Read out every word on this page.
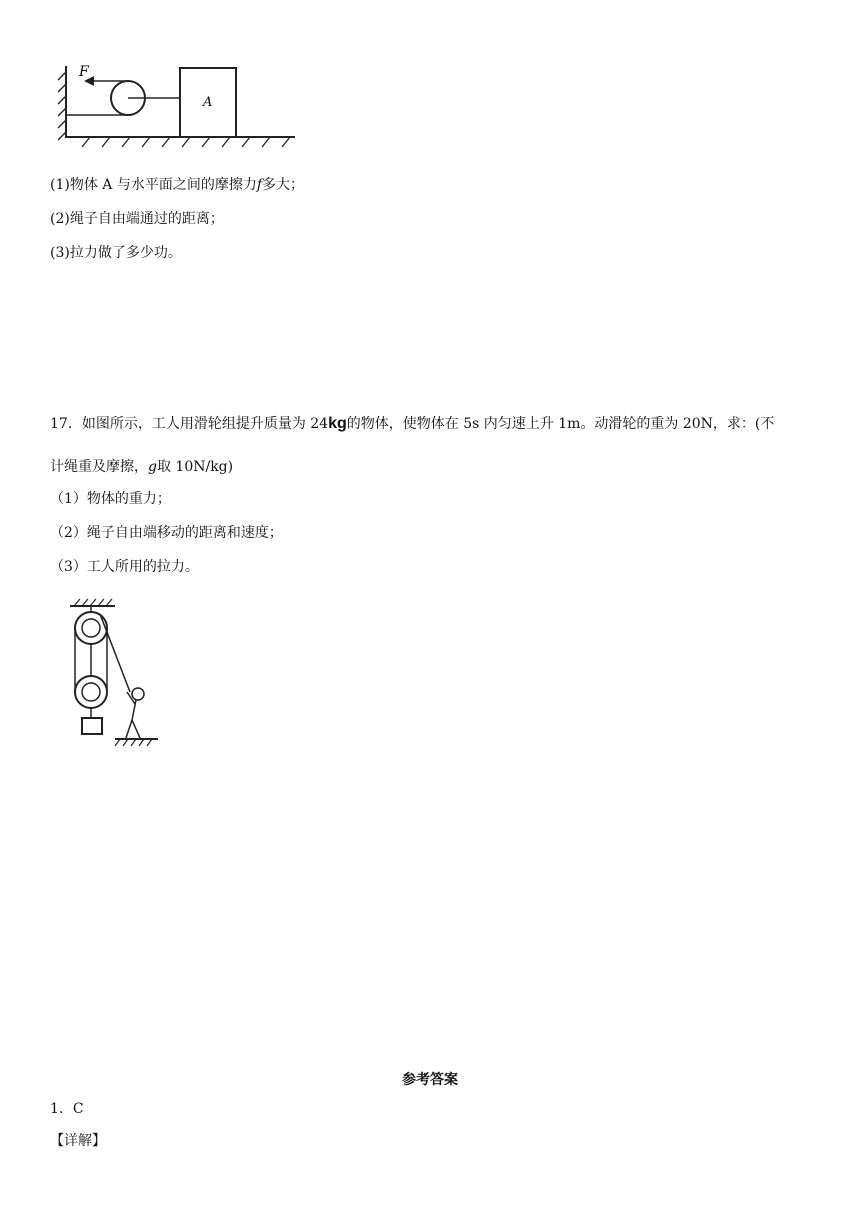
F
A
(1)物体 A 与水平面之间的摩擦力f多大；
(2)绳子自由端通过的距离；
(3)拉力做了多少功。
17．如图所示，工人用滑轮组提升质量为 24kg的物体，使物体在 5s 内匀速上升 1m。动滑轮的重为 20N，求：(不
计绳重及摩擦，g取 10N/kg)
（1）物体的重力；
（2）绳子自由端移动的距离和速度；
（3）工人所用的拉力。
参考答案
1．C
【详解】
